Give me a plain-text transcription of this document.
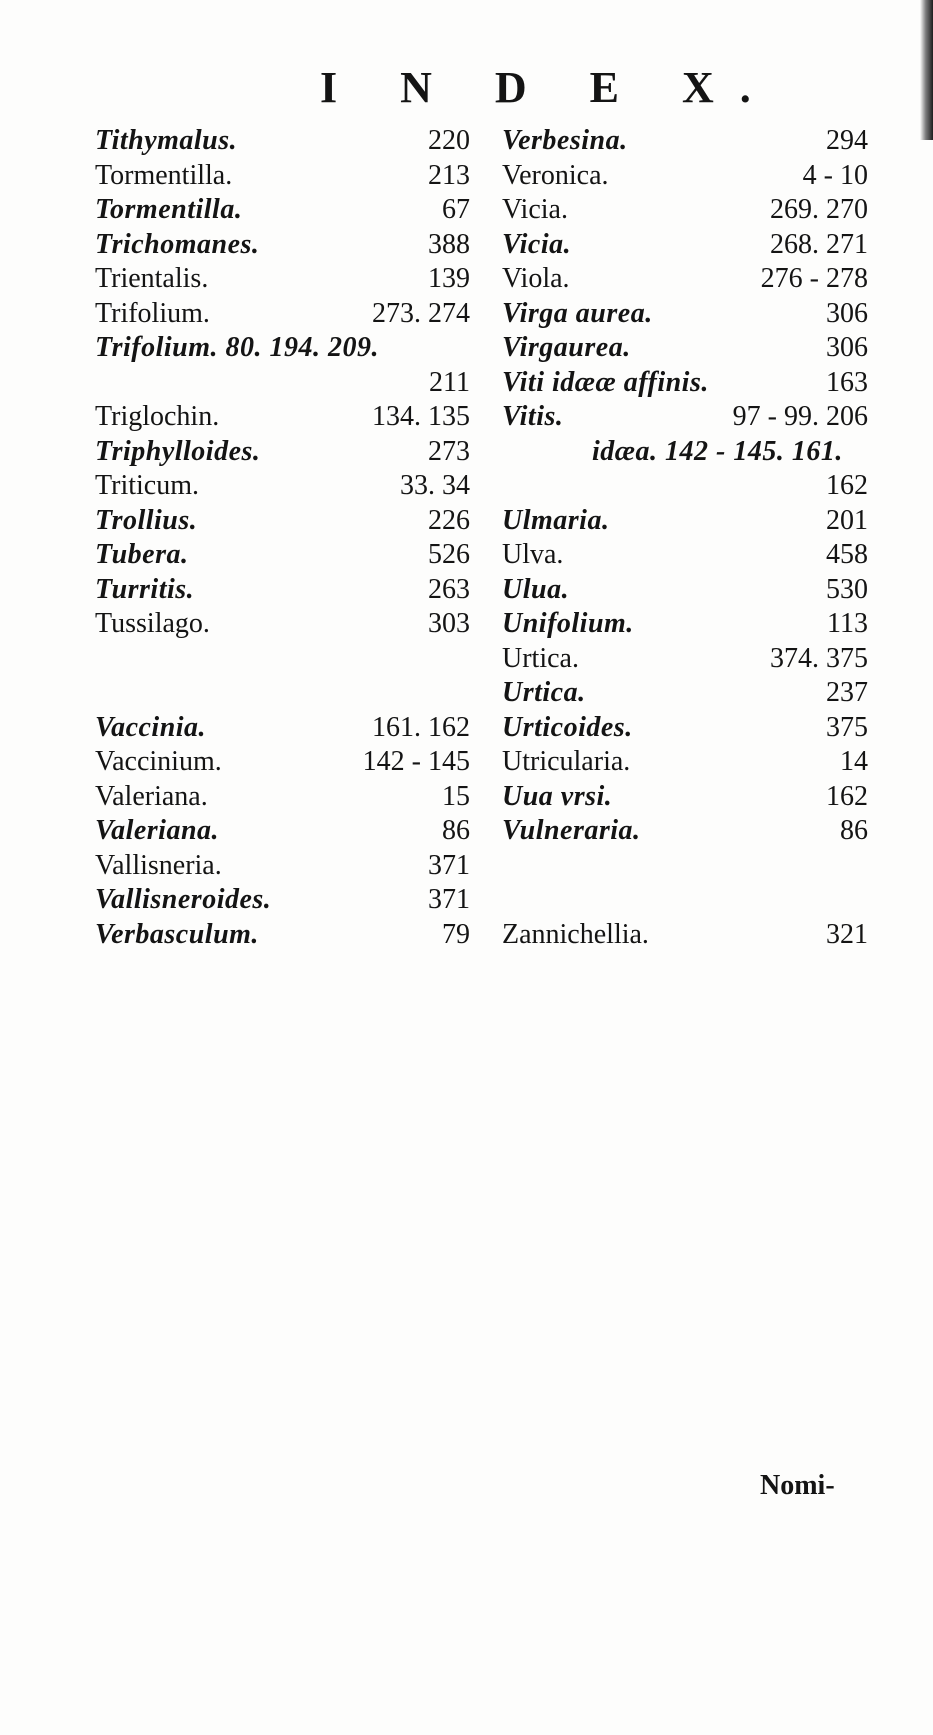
I N D E X.
Tithymalus.	220
Tormentilla.	213
Tormentilla.	67
Trichomanes.	388
Trientalis.	139
Trifolium.	273. 274
Trifolium. 80. 194. 209.
211
Triglochin.	134. 135
Triphylloides.	273
Triticum.	33. 34
Trollius.	226
Tubera.	526
Turritis.	263
Tussilago.	303
Vaccinia.	161. 162
Vaccinium.	142 - 145
Valeriana.	15
Valeriana.	86
Vallisneria.	371
Vallisneroides.	371
Verbasculum.	79
Verbesina.	294
Veronica.	4 - 10
Vicia.	269. 270
Vicia.	268. 271
Viola.	276 - 278
Virga aurea.	306
Virgaurea.	306
Viti idææ affinis.	163
Vitis.	97 - 99. 206
idæa. 142 - 145. 161.
162
Ulmaria.	201
Ulva.	458
Ulua.	530
Unifolium.	113
Urtica.	374. 375
Urtica.	237
Urticoides.	375
Utricularia.	14
Uua vrsi.	162
Vulneraria.	86
Zannichellia.	321
Nomi-
